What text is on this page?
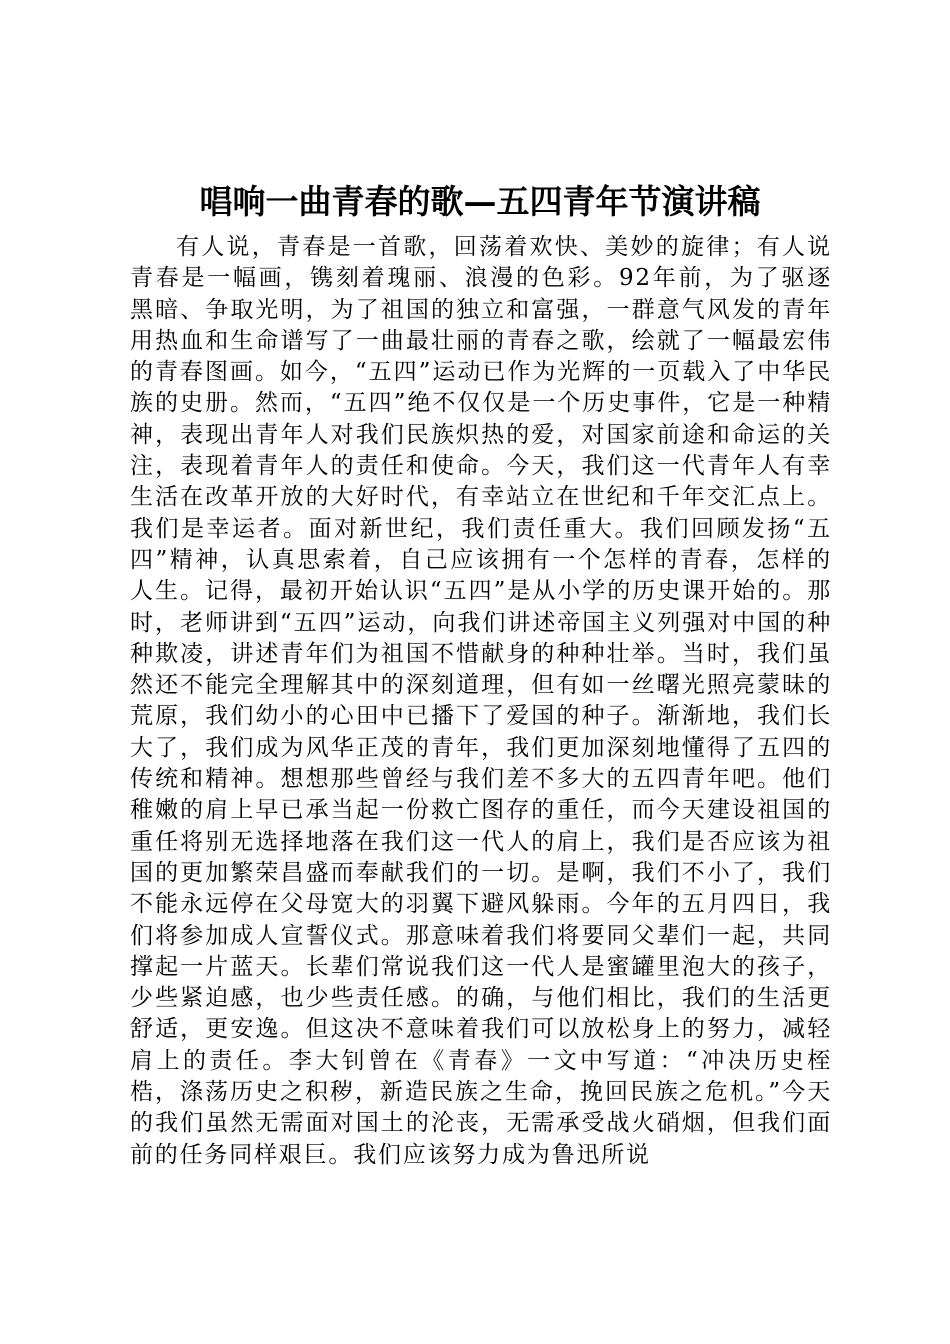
唱响一曲青春的歌—五四青年节演讲稿

有人说，青春是一首歌，回荡着欢快、美妙的旋律；有人说青春是一幅画，镌刻着瑰丽、浪漫的色彩。92年前，为了驱逐黑暗、争取光明，为了祖国的独立和富强，一群意气风发的青年用热血和生命谱写了一曲最壮丽的青春之歌，绘就了一幅最宏伟的青春图画。如今，“五四”运动已作为光辉的一页载入了中华民族的史册。然而，“五四”绝不仅仅是一个历史事件，它是一种精神，表现出青年人对我们民族炽热的爱，对国家前途和命运的关注，表现着青年人的责任和使命。今天，我们这一代青年人有幸生活在改革开放的大好时代，有幸站立在世纪和千年交汇点上。我们是幸运者。面对新世纪，我们责任重大。我们回顾发扬“五四”精神，认真思索着，自己应该拥有一个怎样的青春，怎样的人生。记得，最初开始认识“五四”是从小学的历史课开始的。那时，老师讲到“五四”运动，向我们讲述帝国主义列强对中国的种种欺凌，讲述青年们为祖国不惜献身的种种壮举。当时，我们虽然还不能完全理解其中的深刻道理，但有如一丝曙光照亮蒙昧的荒原，我们幼小的心田中已播下了爱国的种子。渐渐地，我们长大了，我们成为风华正茂的青年，我们更加深刻地懂得了五四的传统和精神。想想那些曾经与我们差不多大的五四青年吧。他们稚嫩的肩上早已承当起一份救亡图存的重任，而今天建设祖国的重任将别无选择地落在我们这一代人的肩上，我们是否应该为祖国的更加繁荣昌盛而奉献我们的一切。是啊，我们不小了，我们不能永远停在父母宽大的羽翼下避风躲雨。今年的五月四日，我们将参加成人宣誓仪式。那意味着我们将要同父辈们一起，共同撑起一片蓝天。长辈们常说我们这一代人是蜜罐里泡大的孩子，少些紧迫感，也少些责任感。的确，与他们相比，我们的生活更舒适，更安逸。但这决不意味着我们可以放松身上的努力，减轻肩上的责任。李大钊曾在《青春》一文中写道：“冲决历史桎梏，涤荡历史之积秽，新造民族之生命，挽回民族之危机。”今天的我们虽然无需面对国土的沦丧，无需承受战火硝烟，但我们面前的任务同样艰巨。我们应该努力成为鲁迅所说
